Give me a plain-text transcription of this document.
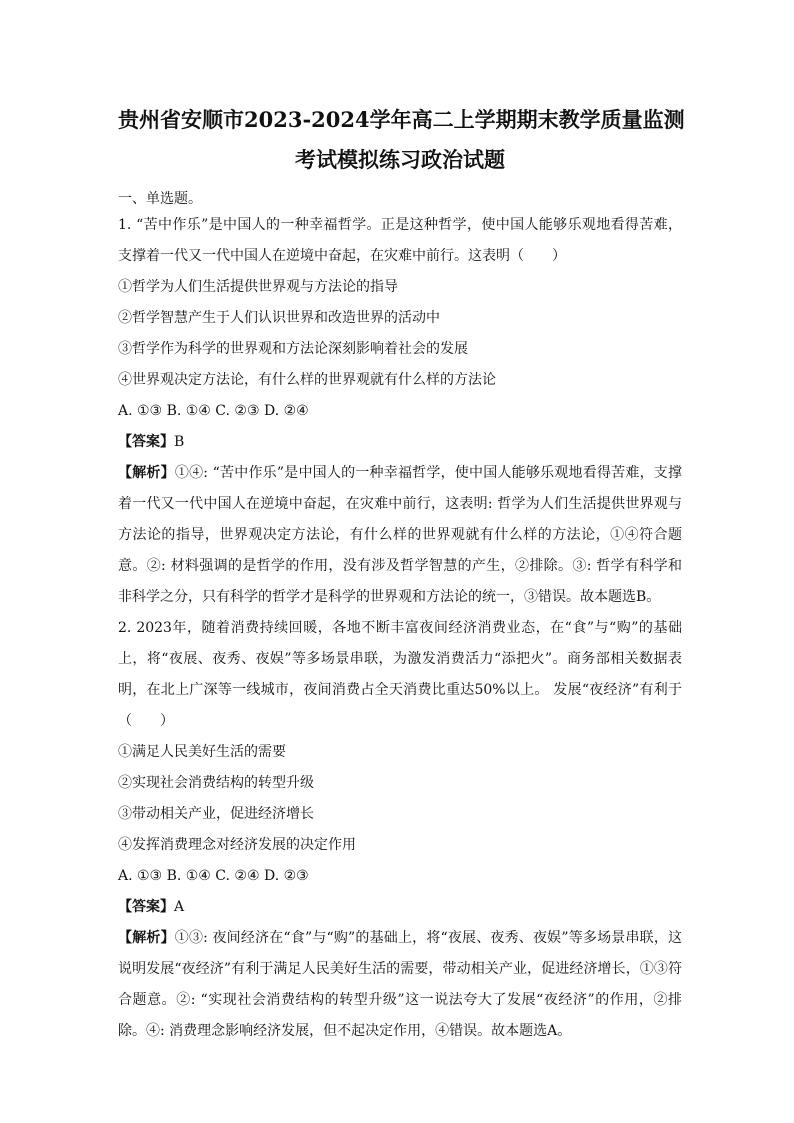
贵州省安顺市2023-2024学年高二上学期期末教学质量监测
考试模拟练习政治试题
一、单选题。

1. “苦中作乐”是中国人的一种幸福哲学。正是这种哲学，使中国人能够乐观地看得苦难，支撑着一代又一代中国人在逆境中奋起，在灾难中前行。这表明（　　）

①哲学为人们生活提供世界观与方法论的指导

②哲学智慧产生于人们认识世界和改造世界的活动中

③哲学作为科学的世界观和方法论深刻影响着社会的发展

④世界观决定方法论，有什么样的世界观就有什么样的方法论

A. ①③ B. ①④ C. ②③ D. ②④

【答案】B

【解析】①④: “苦中作乐”是中国人的一种幸福哲学，使中国人能够乐观地看得苦难，支撑着一代又一代中国人在逆境中奋起，在灾难中前行，这表明: 哲学为人们生活提供世界观与方法论的指导，世界观决定方法论，有什么样的世界观就有什么样的方法论，①④符合题意。②: 材料强调的是哲学的作用，没有涉及哲学智慧的产生，②排除。③: 哲学有科学和非科学之分，只有科学的哲学才是科学的世界观和方法论的统一，③错误。故本题选B。

2. 2023年，随着消费持续回暖，各地不断丰富夜间经济消费业态，在“食”与“购”的基础上，将“夜展、夜秀、夜娱”等多场景串联，为激发消费活力“添把火”。商务部相关数据表明，在北上广深等一线城市，夜间消费占全天消费比重达50%以上。 发展“夜经济”有利于（　　）

①满足人民美好生活的需要

②实现社会消费结构的转型升级

③带动相关产业，促进经济增长

④发挥消费理念对经济发展的决定作用

A. ①③ B. ①④ C. ②④ D. ②③

【答案】A

【解析】①③: 夜间经济在“食”与“购”的基础上，将“夜展、夜秀、夜娱”等多场景串联，这说明发展“夜经济”有利于满足人民美好生活的需要，带动相关产业，促进经济增长，①③符合题意。②: “实现社会消费结构的转型升级”这一说法夸大了发展“夜经济”的作用，②排除。④: 消费理念影响经济发展，但不起决定作用，④错误。故本题选A。
